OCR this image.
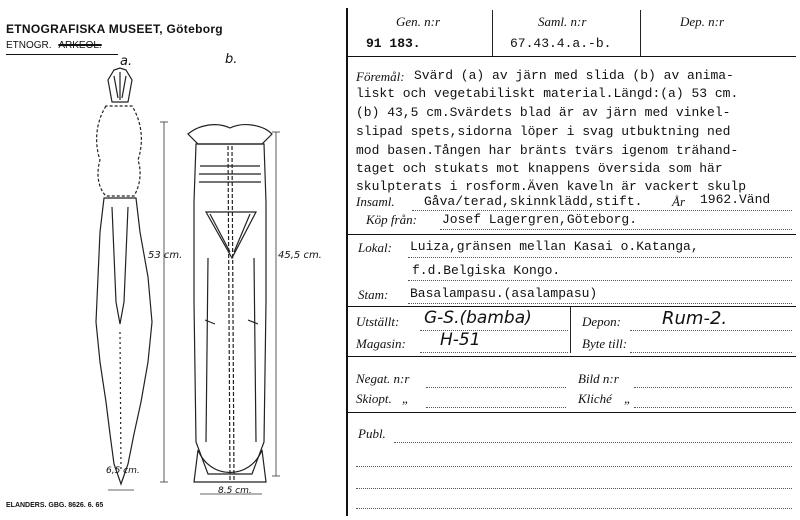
ETNOGRAFISKA MUSEET, Göteborg
ETNOGR. ARKEOL.
a.	b.
53 cm.	45,5 cm.
6,5 cm.
8.5 cm.
ELANDERS. GBG. 8626. 6. 65
Gen. n:r	Saml. n:r	Dep. n:r
91 183.	67.43.4.a.-b.
Föremål: Svärd (a) av järn med slida (b) av anima-
liskt och vegetabiliskt material.Längd:(a) 53 cm.
(b) 43,5 cm.Svärdets blad är av järn med vinkel-
slipad spets,sidorna löper i svag utbuktning ned
mod basen.Tången har bränts tvärs igenom trähand-
taget och stukats mot knappens översida som här
skulpterats i rosform.Även kaveln är vackert skulp
Insaml. Gåva/terad,skinnklädd,stift. År 1962.Vänd
Köp från: Josef Lagergren,Göteborg.
Lokal: Luiza,gränsen mellan Kasai o.Katanga,
f.d.Belgiska Kongo.
Stam: Basalampasu.(asalampasu)
Utställt: G-S.(bamba)	Depon: Rum-2.
Magasin: H-51	Byte till:
Negat. n:r	Bild n:r
Skiopt. „	Kliché „
Publ.
